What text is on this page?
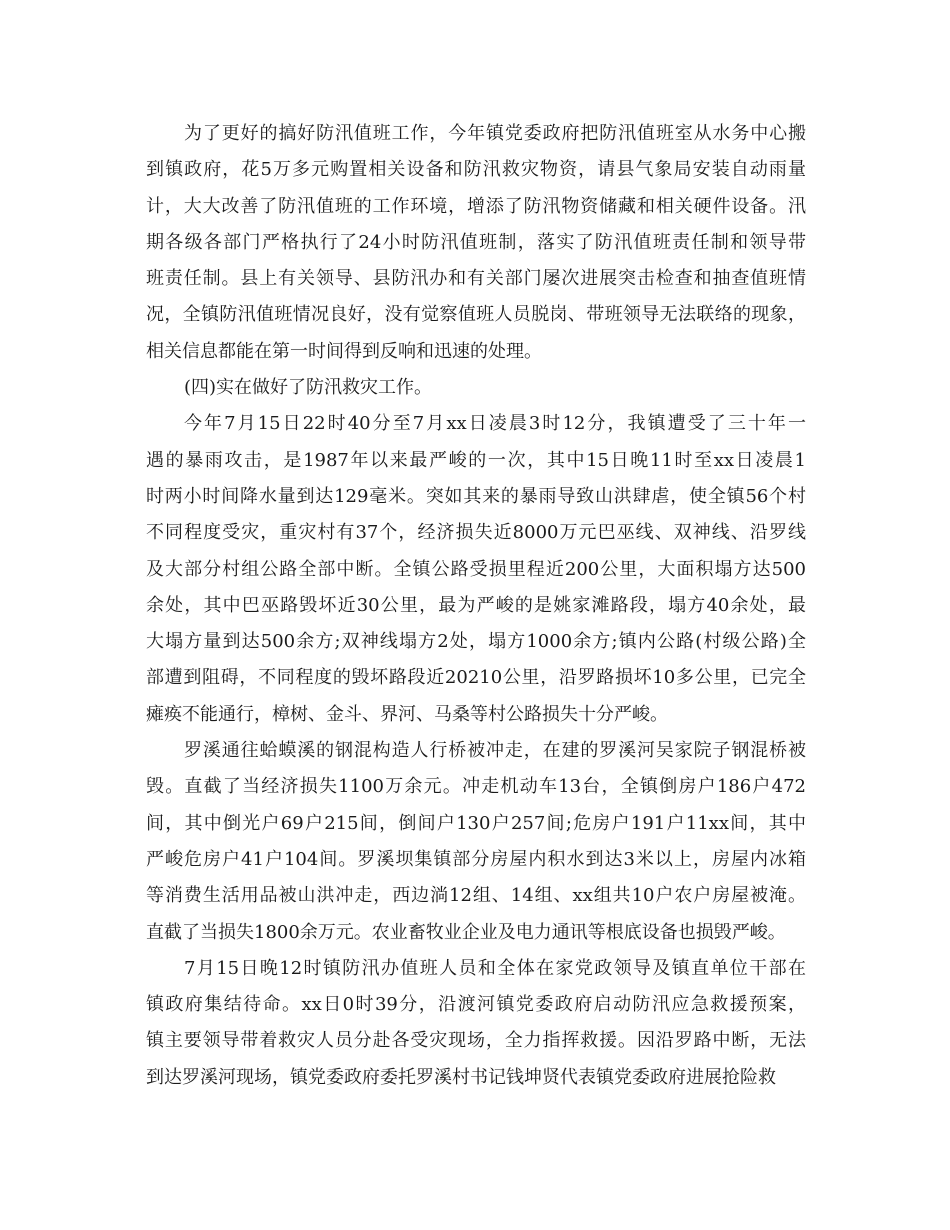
为了更好的搞好防汛值班工作，今年镇党委政府把防汛值班室从水务中心搬
到镇政府，花5万多元购置相关设备和防汛救灾物资，请县气象局安装自动雨量
计，大大改善了防汛值班的工作环境，增添了防汛物资储藏和相关硬件设备。汛
期各级各部门严格执行了24小时防汛值班制，落实了防汛值班责任制和领导带
班责任制。县上有关领导、县防汛办和有关部门屡次进展突击检查和抽查值班情
况，全镇防汛值班情况良好，没有觉察值班人员脱岗、带班领导无法联络的现象，
相关信息都能在第一时间得到反响和迅速的处理。
(四)实在做好了防汛救灾工作。
今年7月15日22时40分至7月xx日凌晨3时12分，我镇遭受了三十年一
遇的暴雨攻击，是1987年以来最严峻的一次，其中15日晚11时至xx日凌晨1
时两小时间降水量到达129毫米。突如其来的暴雨导致山洪肆虐，使全镇56个村
不同程度受灾，重灾村有37个，经济损失近8000万元巴巫线、双神线、沿罗线
及大部分村组公路全部中断。全镇公路受损里程近200公里，大面积塌方达500
余处，其中巴巫路毁坏近30公里，最为严峻的是姚家滩路段，塌方40余处，最
大塌方量到达500余方;双神线塌方2处，塌方1000余方;镇内公路(村级公路)全
部遭到阻碍，不同程度的毁坏路段近20210公里，沿罗路损坏10多公里，已完全
瘫痪不能通行，樟树、金斗、界河、马桑等村公路损失十分严峻。
罗溪通往蛤蟆溪的钢混构造人行桥被冲走，在建的罗溪河吴家院子钢混桥被
毁。直截了当经济损失1100万余元。冲走机动车13台，全镇倒房户186户472
间，其中倒光户69户215间，倒间户130户257间;危房户191户11xx间，其中
严峻危房户41户104间。罗溪坝集镇部分房屋内积水到达3米以上，房屋内冰箱
等消费生活用品被山洪冲走，西边淌12组、14组、xx组共10户农户房屋被淹。
直截了当损失1800余万元。农业畜牧业企业及电力通讯等根底设备也损毁严峻。
7月15日晚12时镇防汛办值班人员和全体在家党政领导及镇直单位干部在
镇政府集结待命。xx日0时39分，沿渡河镇党委政府启动防汛应急救援预案，
镇主要领导带着救灾人员分赴各受灾现场，全力指挥救援。因沿罗路中断，无法
到达罗溪河现场，镇党委政府委托罗溪村书记钱坤贤代表镇党委政府进展抢险救
